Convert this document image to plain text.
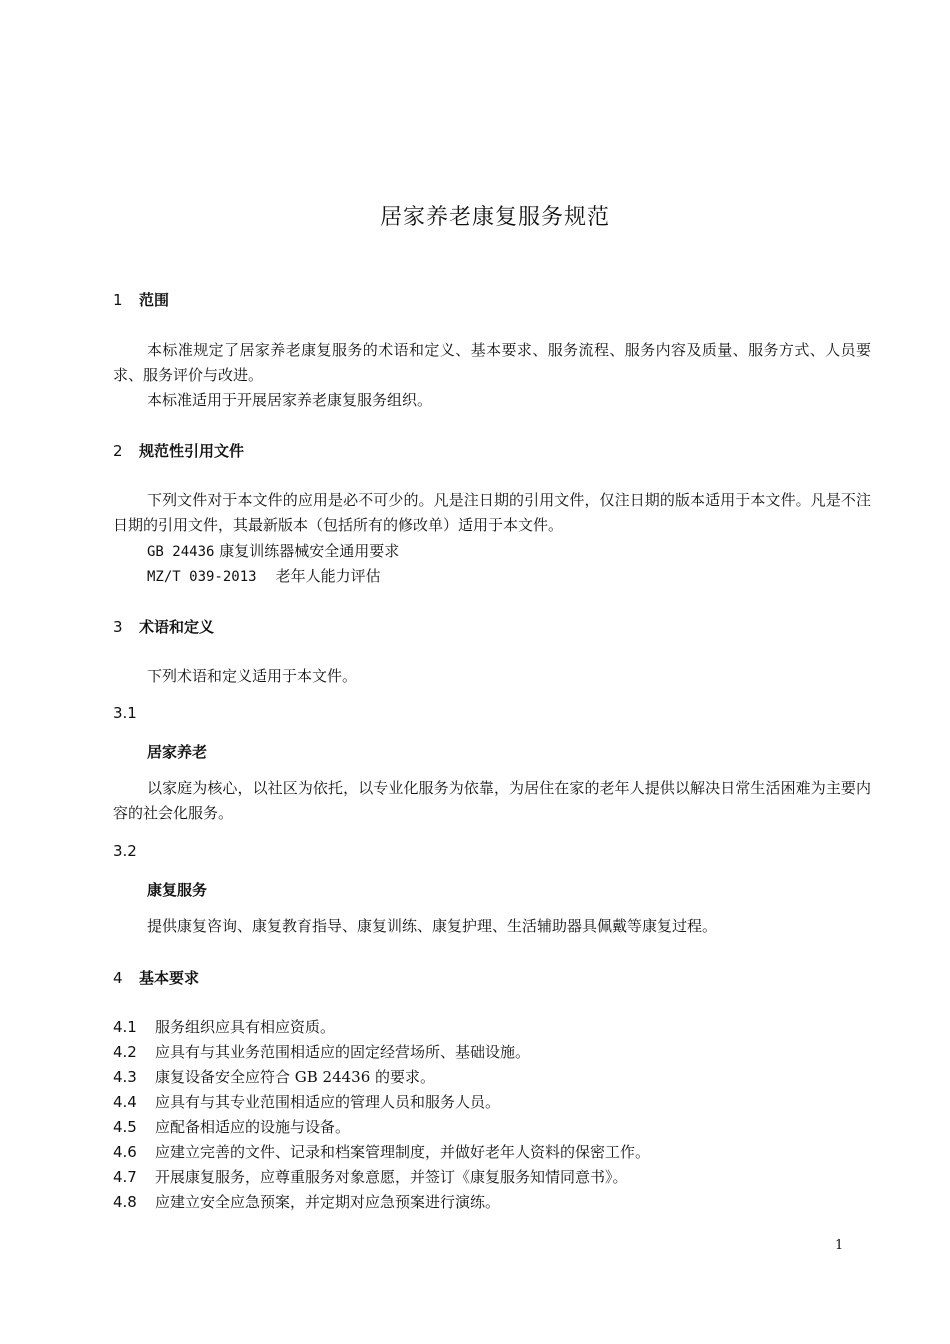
居家养老康复服务规范
1 范围
本标准规定了居家养老康复服务的术语和定义、基本要求、服务流程、服务内容及质量、服务方式、人员要求、服务评价与改进。
本标准适用于开展居家养老康复服务组织。
2 规范性引用文件
下列文件对于本文件的应用是必不可少的。凡是注日期的引用文件，仅注日期的版本适用于本文件。凡是不注日期的引用文件，其最新版本（包括所有的修改单）适用于本文件。
GB 24436 康复训练器械安全通用要求
MZ/T 039-2013 老年人能力评估
3 术语和定义
下列术语和定义适用于本文件。
3.1
居家养老
以家庭为核心，以社区为依托，以专业化服务为依靠，为居住在家的老年人提供以解决日常生活困难为主要内容的社会化服务。
3.2
康复服务
提供康复咨询、康复教育指导、康复训练、康复护理、生活辅助器具佩戴等康复过程。
4 基本要求
4.1 服务组织应具有相应资质。
4.2 应具有与其业务范围相适应的固定经营场所、基础设施。
4.3 康复设备安全应符合 GB 24436 的要求。
4.4 应具有与其专业范围相适应的管理人员和服务人员。
4.5 应配备相适应的设施与设备。
4.6 应建立完善的文件、记录和档案管理制度，并做好老年人资料的保密工作。
4.7 开展康复服务，应尊重服务对象意愿，并签订《康复服务知情同意书》。
4.8 应建立安全应急预案，并定期对应急预案进行演练。
1
